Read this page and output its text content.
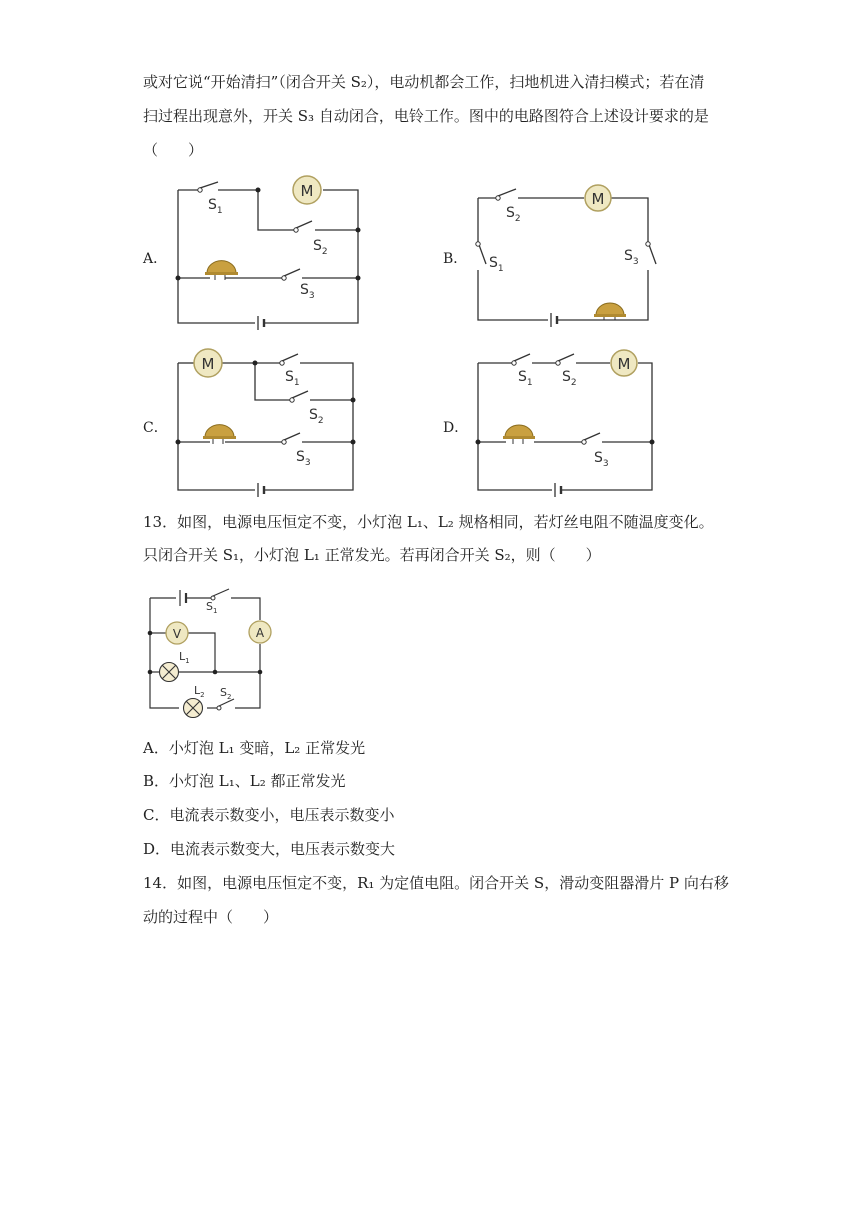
或对它说“开始清扫”（闭合开关 S₂），电动机都会工作，扫地机进入清扫模式；若在清
扫过程出现意外，开关 S₃ 自动闭合，电铃工作。图中的电路图符合上述设计要求的是
（　　）
A．	B．
C．	D．
M
$S_1$
$S_2$
$S_3$
M
$S_2$
$S_1$
$S_3$
M
$S_1$
$S_2$
$S_3$
M
$S_1$ $S_2$
$S_3$
13．如图，电源电压恒定不变，小灯泡 L₁、L₂ 规格相同，若灯丝电阻不随温度变化。
只闭合开关 S₁，小灯泡 L₁ 正常发光。若再闭合开关 S₂，则（　　）
V	A
$S_1$
$L_1$
$L_2$ $S_2$
A．小灯泡 L₁ 变暗，L₂ 正常发光
B．小灯泡 L₁、L₂ 都正常发光
C．电流表示数变小，电压表示数变小
D．电流表示数变大，电压表示数变大
14．如图，电源电压恒定不变，R₁ 为定值电阻。闭合开关 S，滑动变阻器滑片 P 向右移
动的过程中（　　）
